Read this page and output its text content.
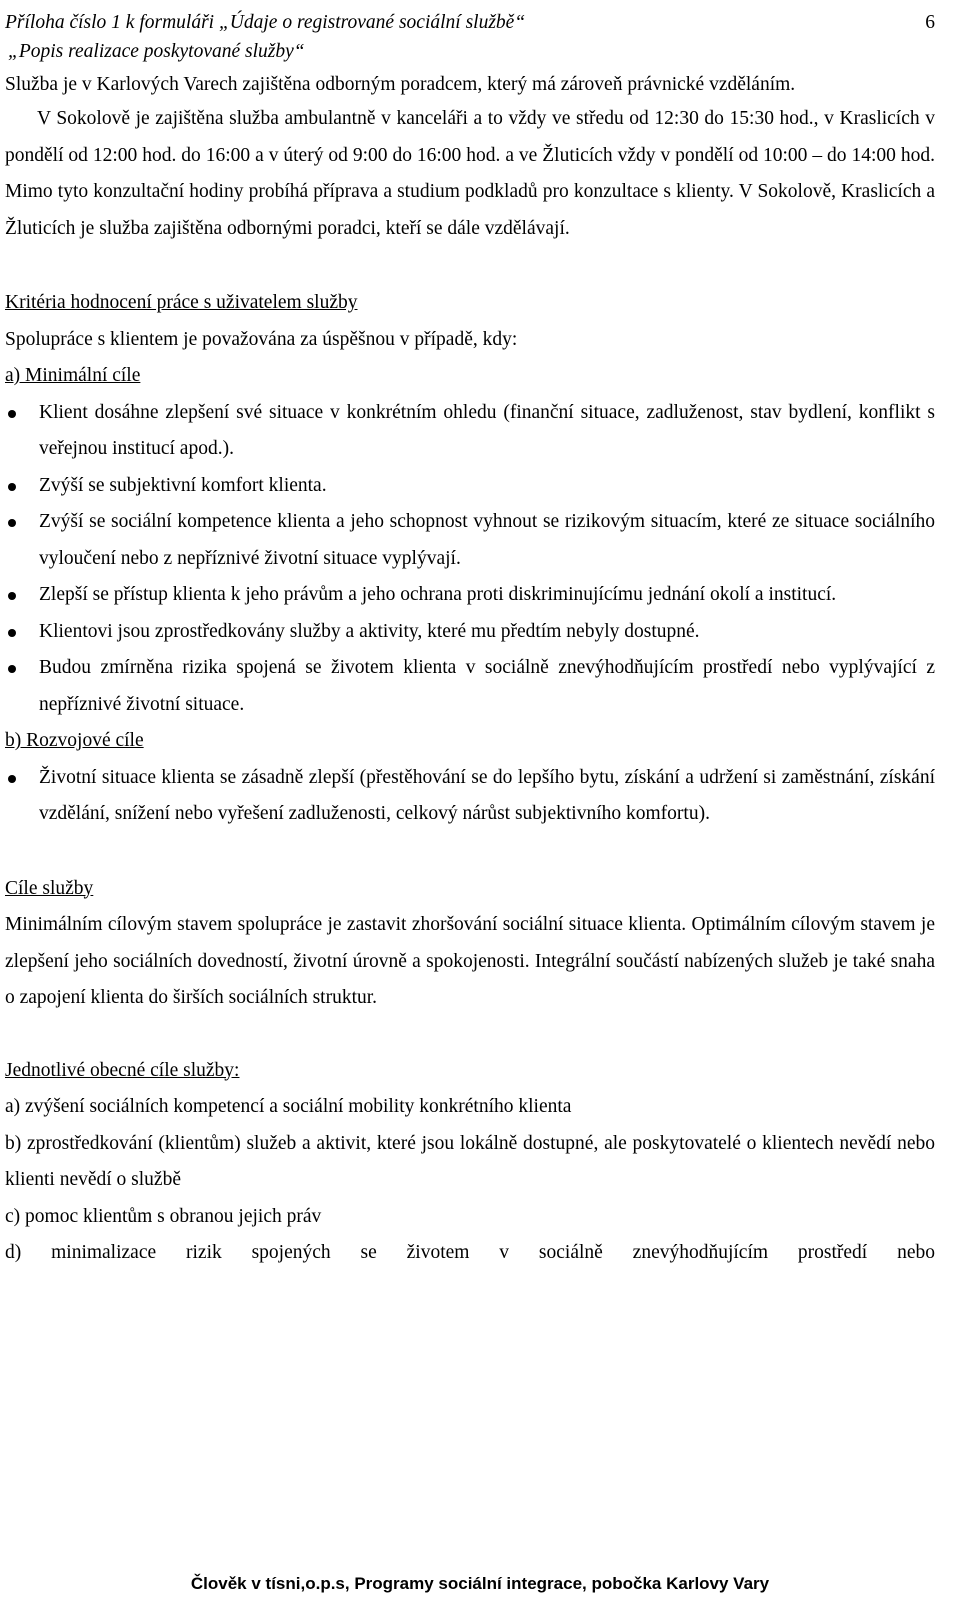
Příloha číslo 1 k formuláři „Údaje o registrované sociální službě“	6
„Popis realizace poskytované služby“

Služba je v Karlových Varech zajištěna odborným poradcem, který má zároveň právnické vzděláním.

V Sokolově je zajištěna služba ambulantně v kanceláři a to vždy ve středu od 12:30 do 15:30 hod., v Kraslicích v pondělí od 12:00 hod. do 16:00 a v úterý od 9:00 do 16:00 hod. a ve Žluticích vždy v pondělí od 10:00 – do 14:00 hod. Mimo tyto konzultační hodiny probíhá příprava a studium podkladů pro konzultace s klienty. V Sokolově, Kraslicích a Žluticích je služba zajištěna odbornými poradci, kteří se dále vzdělávají.

Kritéria hodnocení práce s uživatelem služby

Spolupráce s klientem je považována za úspěšnou v případě, kdy:

a) Minimální cíle

Klient dosáhne zlepšení své situace v konkrétním ohledu (finanční situace, zadluženost, stav bydlení, konflikt s veřejnou institucí apod.).
Zvýší se subjektivní komfort klienta.
Zvýší se sociální kompetence klienta a jeho schopnost vyhnout se rizikovým situacím, které ze situace sociálního vyloučení nebo z nepříznivé životní situace vyplývají.
Zlepší se přístup klienta k jeho právům a jeho ochrana proti diskriminujícímu jednání okolí a institucí.
Klientovi jsou zprostředkovány služby a aktivity, které mu předtím nebyly dostupné.
Budou zmírněna rizika spojená se životem klienta v sociálně znevýhodňujícím prostředí nebo vyplývající z nepříznivé životní situace.

b) Rozvojové cíle

Životní situace klienta se zásadně zlepší (přestěhování se do lepšího bytu, získání a udržení si zaměstnání, získání vzdělání, snížení nebo vyřešení zadluženosti, celkový nárůst subjektivního komfortu).

Cíle služby

Minimálním cílovým stavem spolupráce je zastavit zhoršování sociální situace klienta. Optimálním cílovým stavem je zlepšení jeho sociálních dovedností, životní úrovně a spokojenosti. Integrální součástí nabízených služeb je také snaha o zapojení klienta do širších sociálních struktur.

Jednotlivé obecné cíle služby:

a) zvýšení sociálních kompetencí a sociální mobility konkrétního klienta

b) zprostředkování (klientům) služeb a aktivit, které jsou lokálně dostupné, ale poskytovatelé o klientech nevědí nebo klienti nevědí o službě

c) pomoc klientům s obranou jejich práv

d) minimalizace rizik spojených se životem v sociálně znevýhodňujícím prostředí nebo

Člověk v tísni,o.p.s, Programy sociální integrace, pobočka Karlovy Vary
